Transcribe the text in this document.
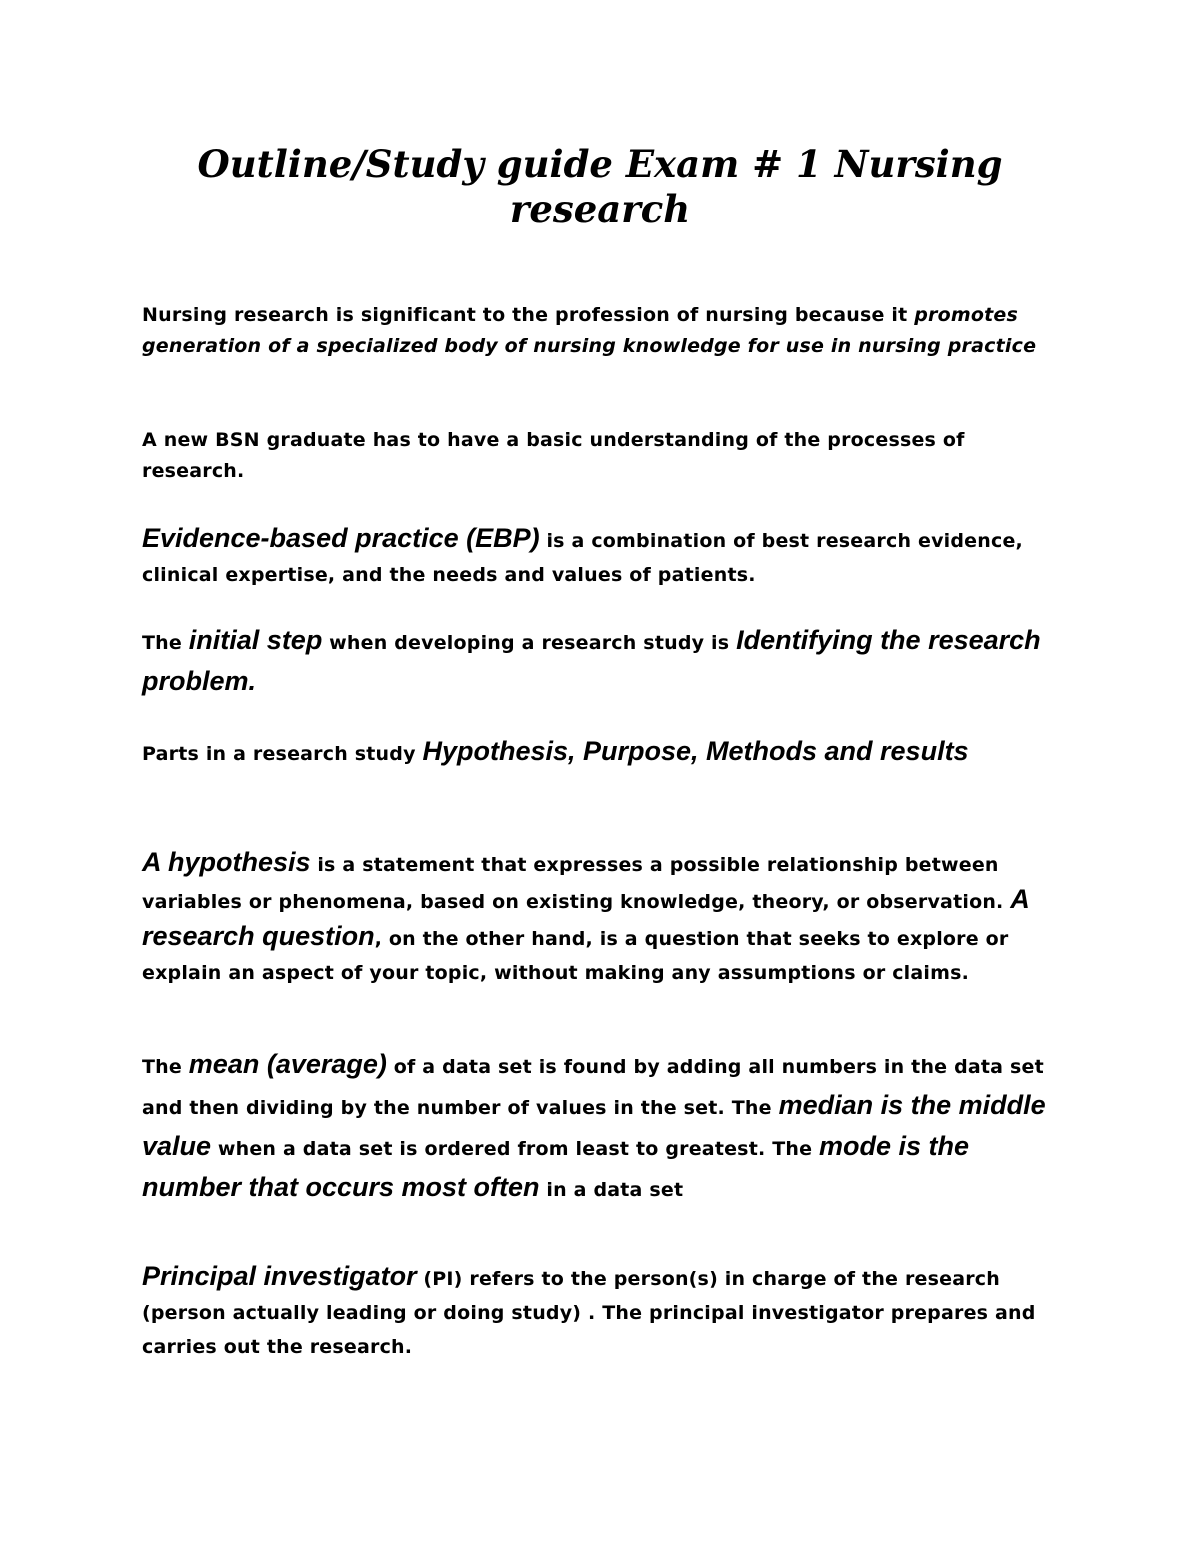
Outline/Study guide Exam # 1 Nursing research

Nursing research is significant to the profession of nursing because it promotes generation of a specialized body of nursing knowledge for use in nursing practice

A new BSN graduate has to have a basic understanding of the processes of research.

Evidence-based practice (EBP) is a combination of best research evidence, clinical expertise, and the needs and values of patients.

The initial step when developing a research study is Identifying the research problem.

Parts in a research study Hypothesis, Purpose, Methods and results

A hypothesis is a statement that expresses a possible relationship between variables or phenomena, based on existing knowledge, theory, or observation. A research question, on the other hand, is a question that seeks to explore or explain an aspect of your topic, without making any assumptions or claims.

The mean (average) of a data set is found by adding all numbers in the data set and then dividing by the number of values in the set. The median is the middle value when a data set is ordered from least to greatest. The mode is the number that occurs most often in a data set

Principal investigator (PI) refers to the person(s) in charge of the research (person actually leading or doing study) . The principal investigator prepares and carries out the research.
